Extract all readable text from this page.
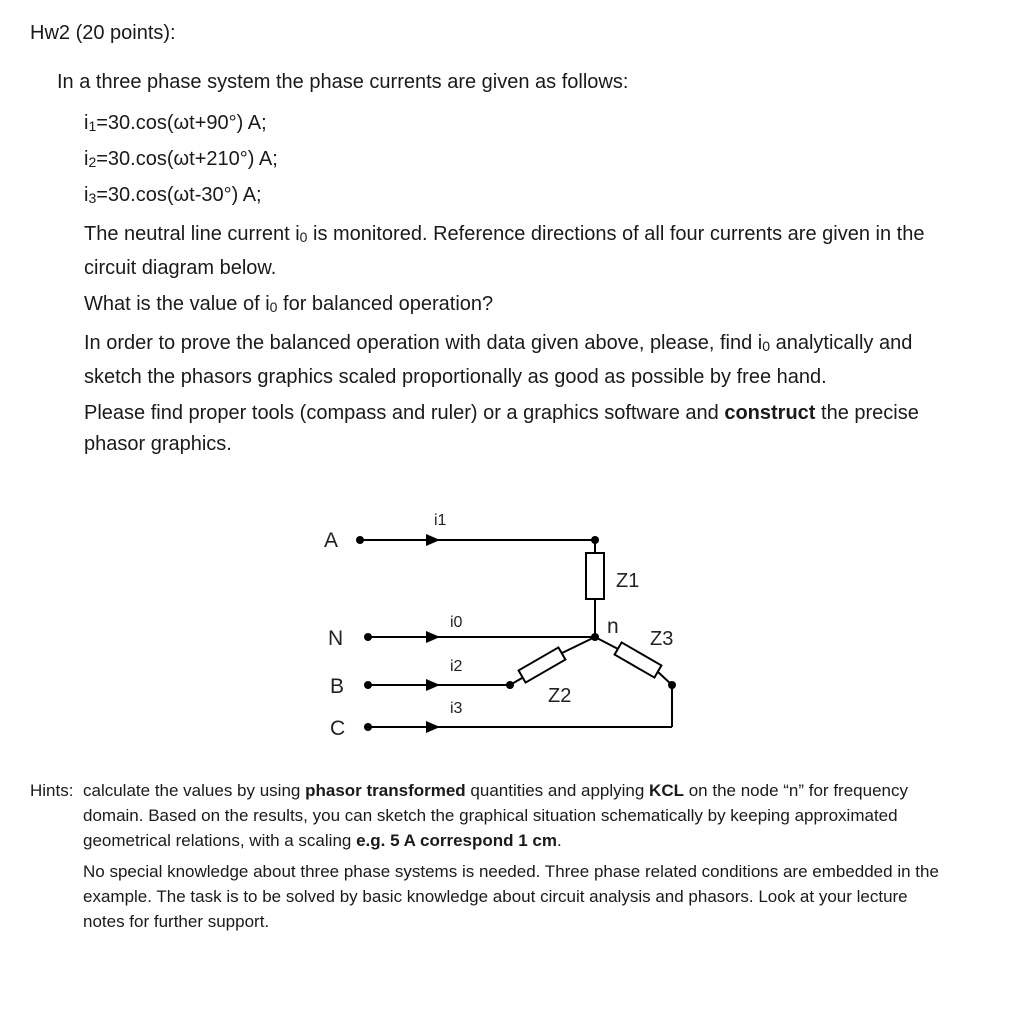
Hw2 (20 points):
In a three phase system the phase currents are given as follows:
$i_1=30.\cos(\omega t+90^\circ)$ A;
$i_2=30.\cos(\omega t+210^\circ)$ A;
$i_3=30.\cos(\omega t-30^\circ)$ A;

The neutral line current $i_0$ is monitored. Reference directions of all four currents are given in the circuit diagram below.

What is the value of $i_0$ for balanced operation?

In order to prove the balanced operation with data given above, please, find $i_0$ analytically and sketch the phasors graphics scaled proportionally as good as possible by free hand.

Please find proper tools (compass and ruler) or a graphics software and construct the precise phasor graphics.

A
N
B
C
n
i1
i0
i2
i3
Z1
Z2
Z3
Hints: calculate the values by using phasor transformed quantities and applying KCL on the node “n” for frequency domain. Based on the results, you can sketch the graphical situation schematically by keeping approximated geometrical relations, with a scaling e.g. 5 A correspond 1 cm.

No special knowledge about three phase systems is needed. Three phase related conditions are embedded in the example. The task is to be solved by basic knowledge about circuit analysis and phasors. Look at your lecture notes for further support.
